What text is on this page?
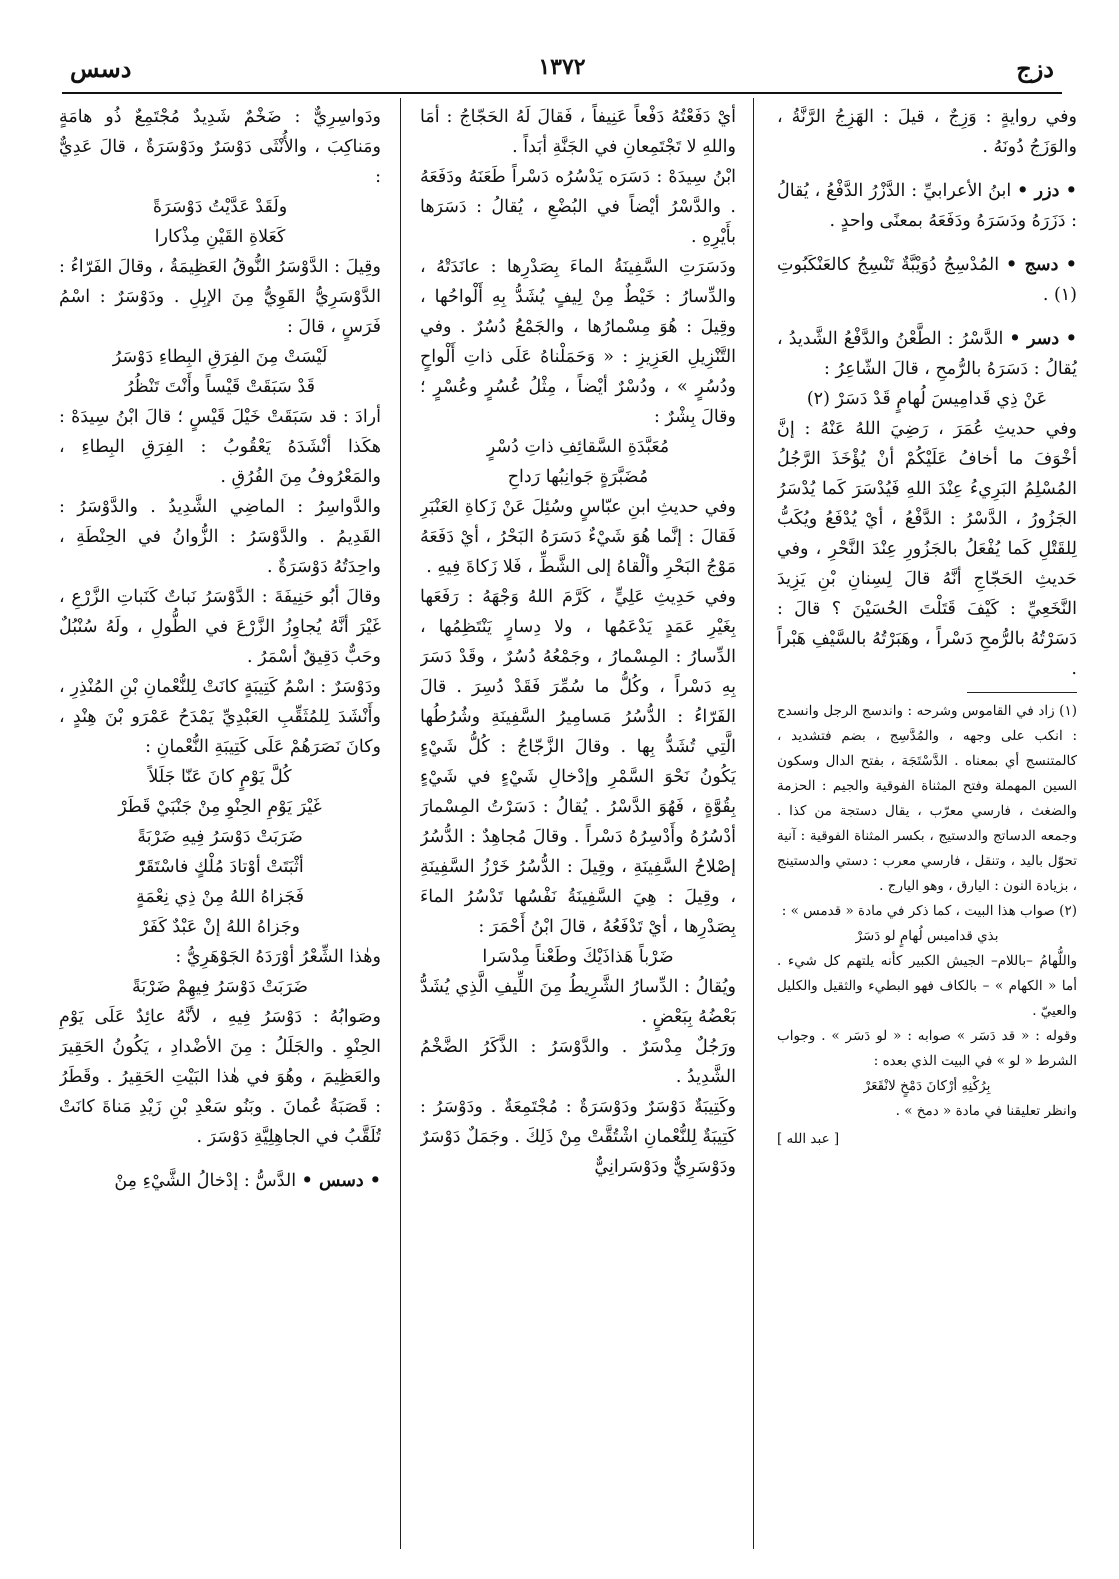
دزج
١٣٧٢
دسس

وفي روايةٍ : وَزِجٌ ، قيلَ : الهَزِجُ الرَّنَّةُ ، والوَزَجُ دُونَهُ .

• دزر • ابنُ الأعرابيِّ : الدَّزْرُ الدَّفْعُ ، يُقالُ : دَزَرَهُ ودَسَرَهُ ودَفَعَهُ بمعنًى واحدٍ .

• دسج • المُدْسِجُ دُوَيْبَّةٌ تَنْسِجُ كالعَنْكَبُوتِ (١) .

• دسر • الدَّسْرُ : الطَّعْنُ والدَّفْعُ الشَّديدُ ، يُقالُ : دَسَرَهُ بالرُّمحِ ، قالَ الشّاعِرُ :

عَنْ ذِي قَدامِيسَ لُهامٍ قَدْ دَسَرْ (٢)

وفي حديثِ عُمَرَ ، رَضِيَ اللهُ عَنْهُ : إنَّ أخْوَفَ ما أخافُ عَلَيْكُمْ أنْ يُؤْخَذَ الرَّجُلُ المُسْلِمُ البَرِيءُ عِنْدَ اللهِ فَيُدْسَرَ كَما يُدْسَرُ الجَزُورُ ، الدَّسْرُ : الدَّفْعُ ، أيْ يُدْفَعُ ويُكَبُّ لِلقَتْلِ كَما يُفْعَلُ بالجَزُورِ عِنْدَ النَّحْرِ ، وفي حَديثِ الحَجّاجِ أنَّهُ قالَ لِسِنانِ بْنِ يَزِيدَ النَّخَعِيِّ : كَيْفَ قَتَلْتَ الحُسَيْنَ ؟ قالَ : دَسَرْتُهُ بالرُّمحِ دَسْراً ، وهَبَرْتُهُ بالسَّيْفِ هَبْراً .

(١) زاد في القاموس وشرحه : واندسج الرجل وانسدج : انكب على وجهه ، والمُدَّسِج ، بضم فتشديد ، كالمتنسج أي بمعناه . الدَّسْتَجَة ، بفتح الدال وسكون السين المهملة وفتح المثناة الفوقية والجيم : الحزمة والضغث ، فارسي معرّب ، يقال دستجة من كذا . وجمعه الدساتج والدستيج ، بكسر المثناة الفوقية : آنية تحوّل باليد ، وتنقل ، فارسي معرب : دستي والدستينج ، بزيادة النون : اليارق ، وهو اليارج .

(٢) صواب هذا البيت ، كما ذكر في مادة « قدمس » :

بذي قداميس لُهامٍ لو دَسَرْ

واللُّهامُ –باللام– الجيش الكبير كأنه يلتهم كل شيء . أما « الكهام » – بالكاف فهو البطيء والثقيل والكليل والعييّ .

وقوله : « قد دَسَر » صوابه : « لو دَسَر » . وجواب الشرط « لو » في البيت الذي بعده :

بِرُكْنِهِ أرْكانَ دَمْخٍ لانْقَعَرْ

وانظر تعليقنا في مادة « دمخ » .

[ عبد الله ]

أيْ دَفَعْتُهُ دَفْعاً عَنِيفاً ، فَقالَ لَهُ الحَجّاجُ : أمَا واللهِ لا تَجْتَمِعانِ في الجَنَّةِ أبَداً .

ابْنُ سِيدَهْ : دَسَرَه يَدْسُرُه دَسْراً طَعَنَهُ ودَفَعَهُ . والدَّسْرُ أيْضاً في البُضْعِ ، يُقالُ : دَسَرَها بأَيْرِهِ .

ودَسَرَتِ السَّفِينَةُ الماءَ بِصَدْرِها : عانَدَتْهُ ، والدِّسارُ : خَيْطٌ مِنْ لِيفٍ يُشَدُّ بِهِ أَلْواحُها ، وقِيلَ : هُوَ مِسْمارُها ، والجَمْعُ دُسُرٌ . وفي التَّنْزِيلِ العَزِيزِ : « وَحَمَلْناهُ عَلَى ذاتِ أَلْواحٍ ودُسُرٍ » ، ودُسْرٌ أيْضاً ، مِثْلُ عُسُرٍ وعُسْرٍ ؛ وقالَ بِشْرٌ :

مُعَبَّدَةِ السَّقائِفِ ذاتِ دُسْرٍ

مُضَبَّرَةٍ جَوانِبُها رَداحِ

وفي حديثِ ابنِ عبّاسٍ وسُئِلَ عَنْ زَكاةِ العَنْبَرِ فَقالَ : إنَّما هُوَ شَيْءٌ دَسَرَهُ البَحْرُ ، أيْ دَفَعَهُ مَوْجُ البَحْرِ وألْقاهُ إلى الشَّطِّ ، فَلا زَكاةَ فِيهِ .

وفي حَدِيثِ عَلِيٍّ ، كَرَّمَ اللهُ وَجْهَهُ : رَفَعَها بِغَيْرِ عَمَدٍ يَدْعَمُها ، ولا دِسارٍ يَنْتَظِمُها ، الدِّسارُ : المِسْمارُ ، وجَمْعُهُ دُسُرٌ ، وقَدْ دَسَرَ بِهِ دَسْراً ، وكُلُّ ما سُمِّرَ فَقَدْ دُسِرَ . قالَ الفَرّاءُ : الدُّسُرُ مَسامِيرُ السَّفِينَةِ وشُرُطُها الَّتِي تُشَدُّ بِها . وقالَ الزَّجّاجُ : كُلُّ شَيْءٍ يَكُونُ نَحْوَ السَّمْرِ وإدْخالِ شَيْءٍ في شَيْءٍ بِقُوَّةٍ ، فَهُوَ الدَّسْرُ . يُقالُ : دَسَرْتُ المِسْمارَ أدْسُرُهُ وأَدْسِرُهُ دَسْراً . وقالَ مُجاهِدٌ : الدُّسُرُ إصْلاحُ السَّفِينَةِ ، وقِيلَ : الدُّسُرُ خَرْزُ السَّفِينَةِ ، وقِيلَ : هِيَ السَّفِينَةُ نَفْسُها تَدْسُرُ الماءَ بِصَدْرِها ، أيْ تَدْفَعُهُ ، قالَ ابْنُ أَحْمَرَ :

ضَرْباً هَذاذَيْكَ وطَعْناً مِدْسَرا

ويُقالُ : الدِّسارُ الشَّرِيطُ مِنَ اللِّيفِ الَّذِي يُشَدُّ بَعْضُهُ بِبَعْضٍ .

ورَجُلٌ مِدْسَرٌ . والدَّوْسَرُ : الذَّكَرُ الضَّخْمُ الشَّدِيدُ .

وكَتِيبَةٌ دَوْسَرٌ ودَوْسَرَةٌ : مُجْتَمِعَةٌ . ودَوْسَرُ : كَتِيبَةٌ لِلنُّعْمانِ اشْتُقَّتْ مِنْ ذَلِكَ . وجَمَلٌ دَوْسَرٌ ودَوْسَرِيٌّ ودَوْسَرانِيٌّ

ودَواسِرِيٌّ : ضَخْمٌ شَدِيدٌ مُجْتَمِعٌ ذُو هامَةٍ ومَناكِبَ ، والأُنْثَى دَوْسَرٌ ودَوْسَرَةٌ ، قالَ عَدِيٌّ :

ولَقَدْ عَدَّيْتُ دَوْسَرَةً

كَعَلاةِ القَيْنِ مِذْكارا

وقِيلَ : الدَّوْسَرُ النُّوقُ العَظِيمَةُ ، وقالَ الفَرّاءُ : الدَّوْسَرِيُّ القَوِيُّ مِنَ الإبِلِ . ودَوْسَرٌ : اسْمُ فَرَسٍ ، قالَ :

لَيْسَتْ مِنَ الفِرَقِ البِطاءِ دَوْسَرُ

قَدْ سَبَقَتْ قَيْساً وأَنْتَ تَنْظُرُ

أرادَ : قد سَبَقَتْ خَيْلَ قَيْسٍ ؛ قالَ ابْنُ سِيدَهْ : هكَذا أنْشَدَهُ يَعْقُوبُ : الفِرَقِ البِطاءِ ، والمَعْرُوفُ مِنَ الفُرُقِ .

والدَّواسِرُ : الماضِي الشَّدِيدُ . والدَّوْسَرُ : القَدِيمُ . والدَّوْسَرُ : الزُّوانُ في الحِنْطَةِ ، واحِدَتُهُ دَوْسَرَةٌ .

وقالَ أبُو حَنِيفَةَ : الدَّوْسَرُ نَباتٌ كَنَباتِ الزَّرْعِ ، غَيْرَ أنَّهُ يُجاوِزُ الزَّرْعَ في الطُّولِ ، ولَهُ سُنْبُلٌ وحَبٌّ دَقِيقٌ أسْمَرُ .

ودَوْسَرٌ : اسْمُ كَتِيبَةٍ كانَتْ لِلنُّعْمانِ بْنِ المُنْذِرِ ، وأَنْشَدَ لِلمُثَقِّبِ العَبْدِيِّ يَمْدَحُ عَمْرَو بْنَ هِنْدٍ ، وكانَ نَصَرَهُمْ عَلَى كَتِيبَةِ النُّعْمانِ :

كُلَّ يَوْمٍ كانَ عَنّا جَلَلاً

غَيْرَ يَوْمِ الحِنْوِ مِنْ جَنْبَيْ قَطَرْ

ضَرَبَتْ دَوْسَرُ فِيهِ ضَرْبَةً

أثْبَتَتْ أوْتادَ مُلْكٍ فاسْتَقَرّْ

فَجَزاهُ اللهُ مِنْ ذِي نِعْمَةٍ

وجَزاهُ اللهُ إنْ عَبْدٌ كَفَرْ

وهٰذا الشِّعْرُ أوْرَدَهُ الجَوْهَرِيُّ :

ضَرَبَتْ دَوْسَرُ فِيهِمْ ضَرْبَةً

وصَوابُهُ : دَوْسَرُ فِيهِ ، لأنَّهُ عائِدٌ عَلَى يَوْمِ الحِنْوِ . والجَلَلُ : مِنَ الأضْدادِ ، يَكُونُ الحَقِيرَ والعَظِيمَ ، وهُوَ في هٰذا البَيْتِ الحَقِيرُ . وقَطَرُ : قَصَبَةُ عُمانَ . وبَنُو سَعْدِ بْنِ زَيْدِ مَناةَ كانَتْ تُلَقَّبُ في الجاهِلِيَّةِ دَوْسَرَ .

• دسس • الدَّسُّ : إدْخالُ الشَّيْءِ مِنْ
